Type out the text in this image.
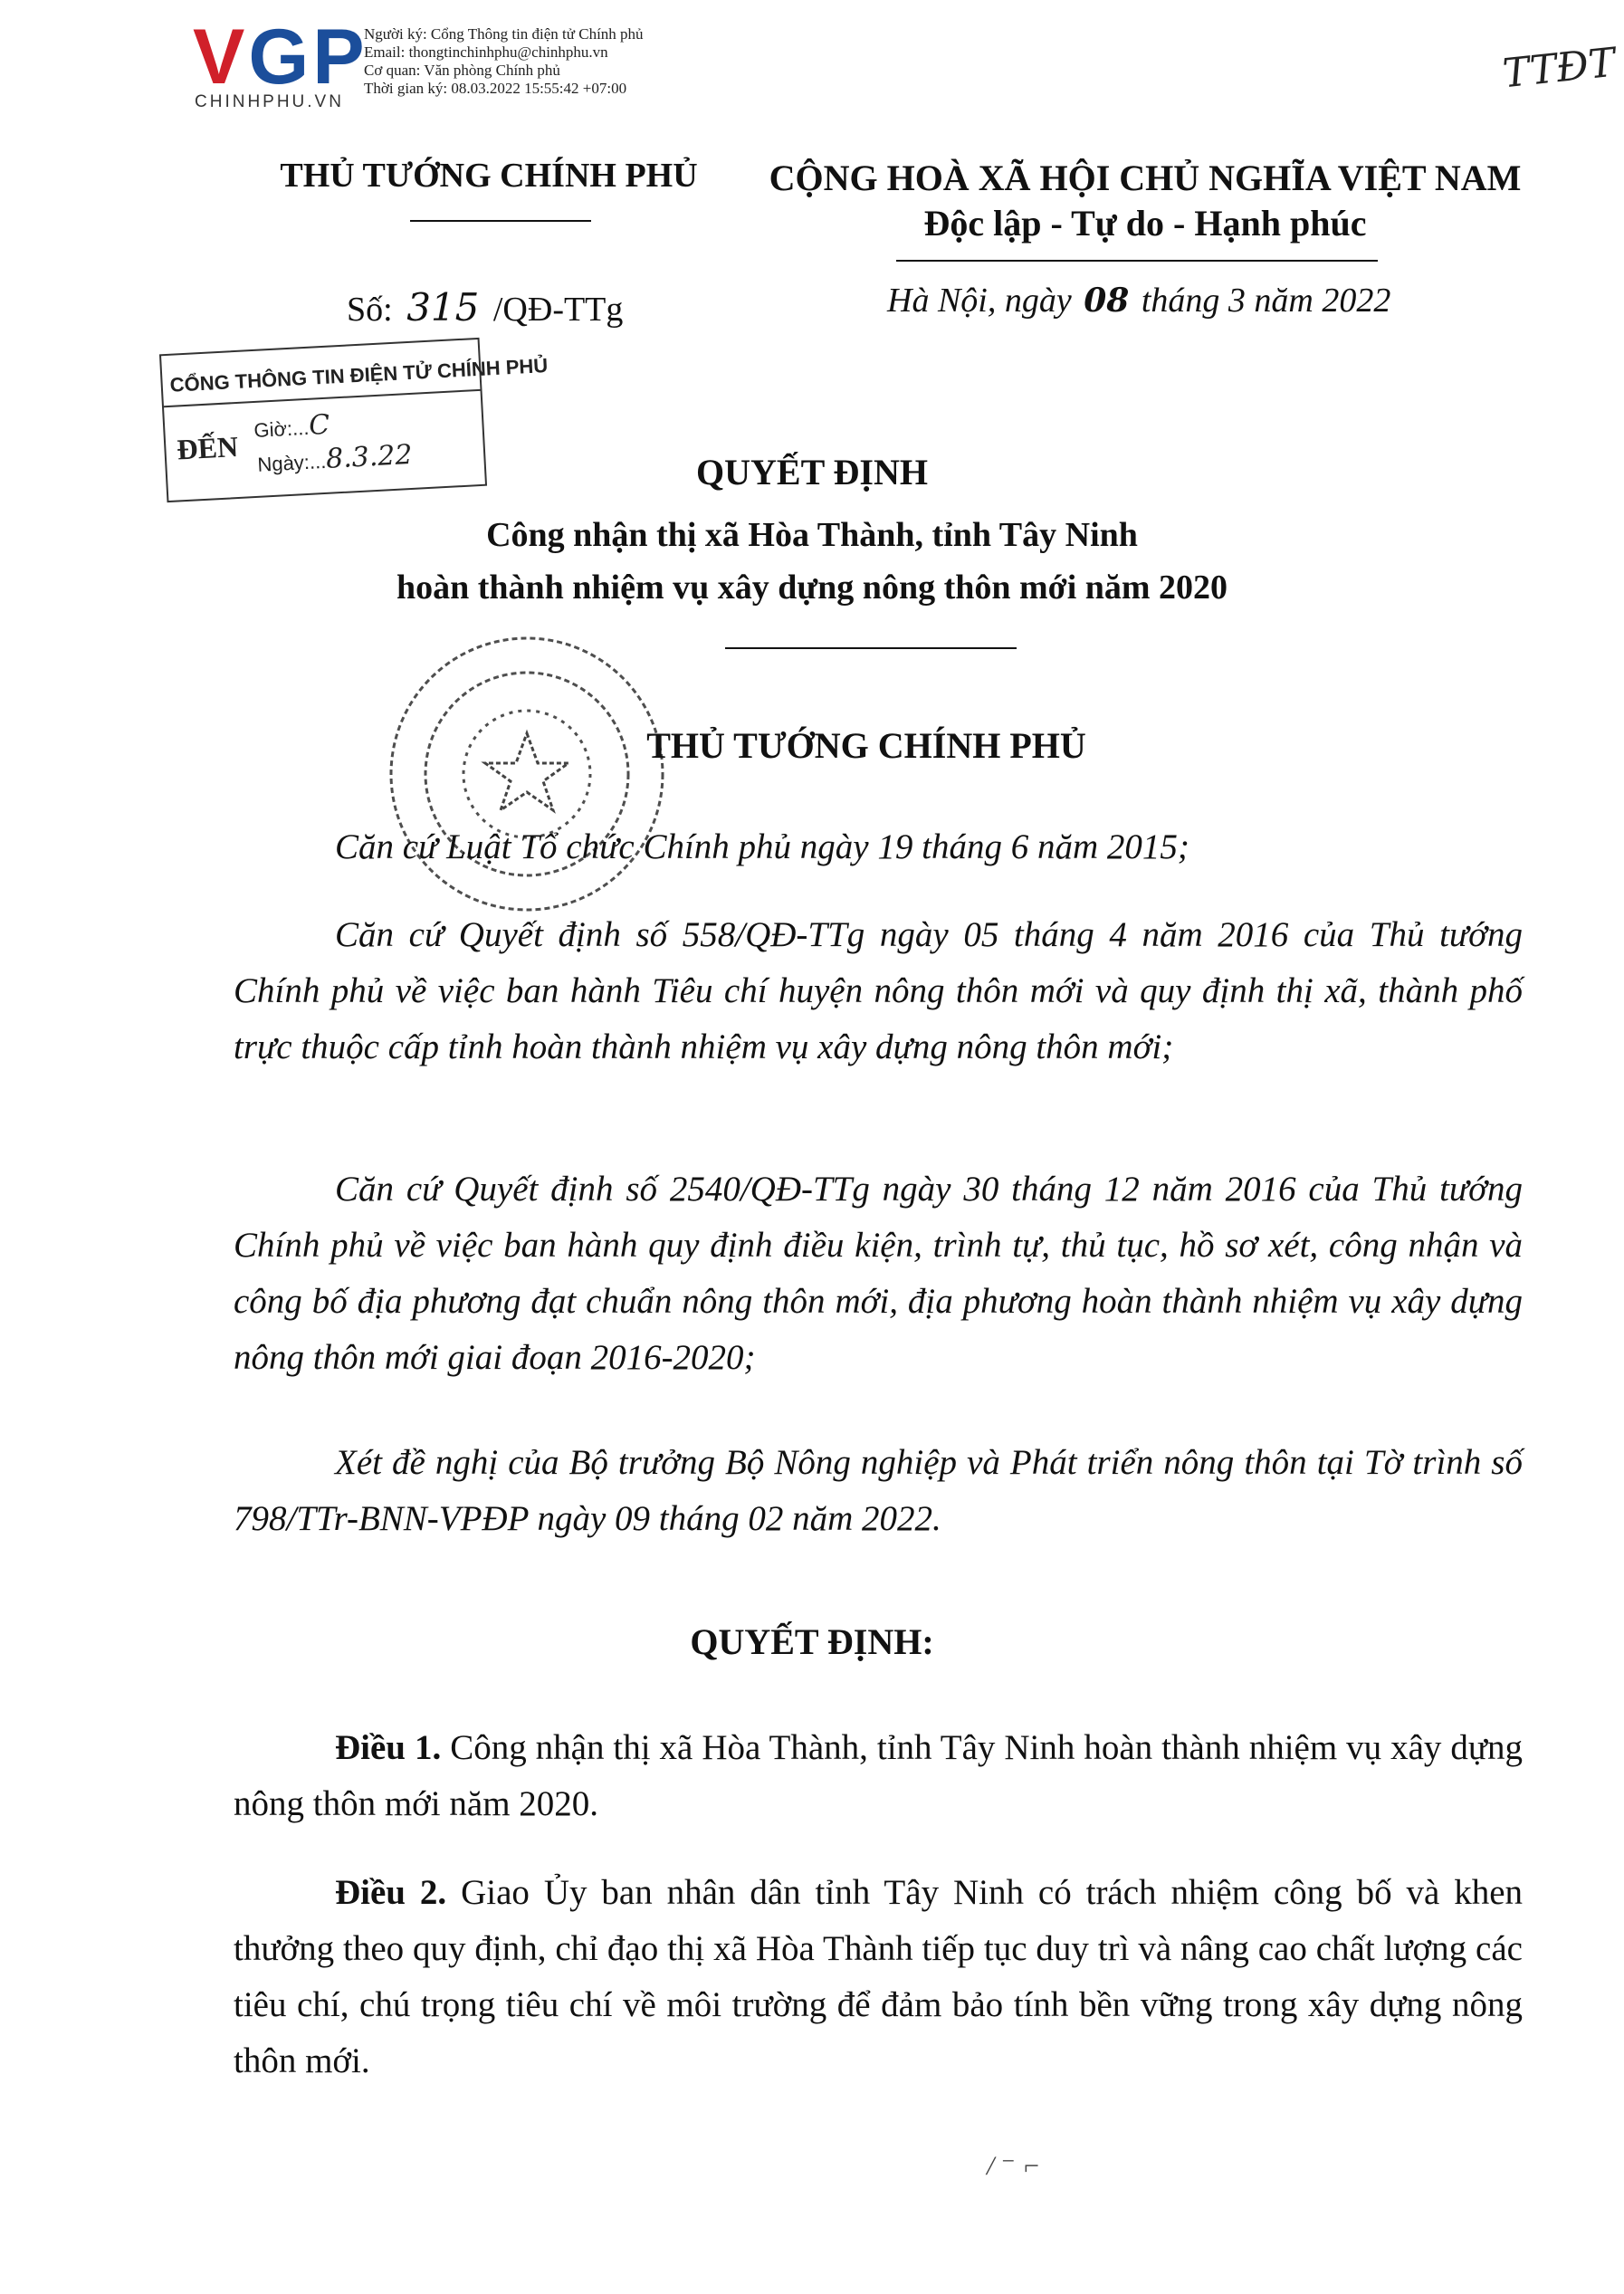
VGP
CHINHPHU.VN
Người ký: Cổng Thông tin điện tử Chính phủ
Email: thongtinchinhphu@chinhphu.vn
Cơ quan: Văn phòng Chính phủ
Thời gian ký: 08.03.2022 15:55:42 +07:00	TTĐT
THỦ TƯỚNG CHÍNH PHỦ	CỘNG HOÀ XÃ HỘI CHỦ NGHĨA VIỆT NAM
Độc lập - Tự do - Hạnh phúc
Số: 315 /QĐ-TTg	Hà Nội, ngày 08 tháng 3 năm 2022
CỔNG THÔNG TIN ĐIỆN TỬ CHÍNH PHỦ
ĐẾN
Giờ:...C
Ngày:...8.3.22	QUYẾT ĐỊNH
Công nhận thị xã Hòa Thành, tỉnh Tây Ninh
hoàn thành nhiệm vụ xây dựng nông thôn mới năm 2020
THỦ TƯỚNG CHÍNH PHỦ
Căn cứ Luật Tổ chức Chính phủ ngày 19 tháng 6 năm 2015;
Căn cứ Quyết định số 558/QĐ-TTg ngày 05 tháng 4 năm 2016 của Thủ tướng Chính phủ về việc ban hành Tiêu chí huyện nông thôn mới và quy định thị xã, thành phố trực thuộc cấp tỉnh hoàn thành nhiệm vụ xây dựng nông thôn mới;
Căn cứ Quyết định số 2540/QĐ-TTg ngày 30 tháng 12 năm 2016 của Thủ tướng Chính phủ về việc ban hành quy định điều kiện, trình tự, thủ tục, hồ sơ xét, công nhận và công bố địa phương đạt chuẩn nông thôn mới, địa phương hoàn thành nhiệm vụ xây dựng nông thôn mới giai đoạn 2016-2020;
Xét đề nghị của Bộ trưởng Bộ Nông nghiệp và Phát triển nông thôn tại Tờ trình số 798/TTr-BNN-VPĐP ngày 09 tháng 02 năm 2022.
QUYẾT ĐỊNH:
Điều 1. Công nhận thị xã Hòa Thành, tỉnh Tây Ninh hoàn thành nhiệm vụ xây dựng nông thôn mới năm 2020.
Điều 2. Giao Ủy ban nhân dân tỉnh Tây Ninh có trách nhiệm công bố và khen thưởng theo quy định, chỉ đạo thị xã Hòa Thành tiếp tục duy trì và nâng cao chất lượng các tiêu chí, chú trọng tiêu chí về môi trường để đảm bảo tính bền vững trong xây dựng nông thôn mới.
/ ⁻ ⌐
